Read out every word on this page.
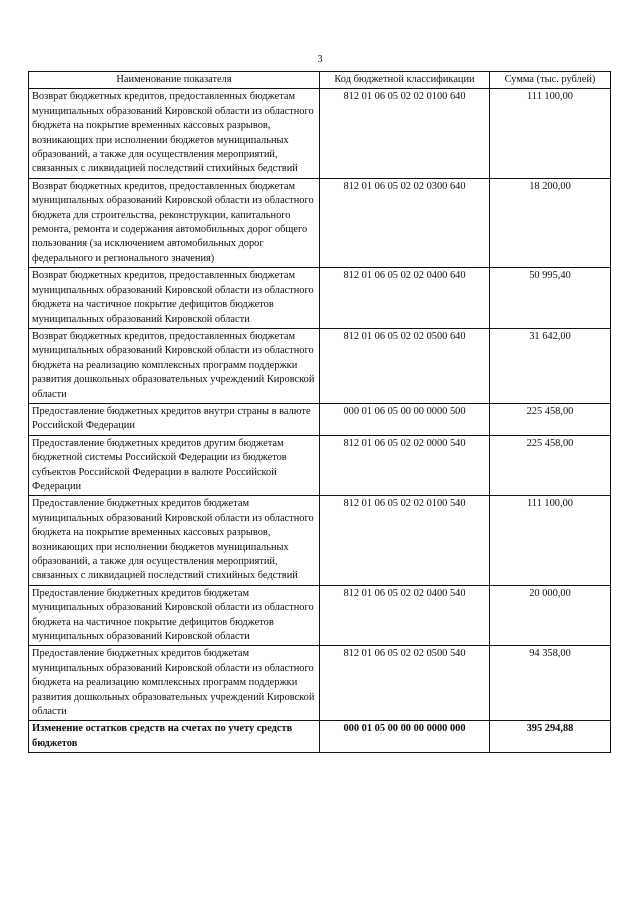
3
Наименование показателя	Код бюджетной классификации	Сумма (тыс. рублей)
Возврат бюджетных кредитов, предоставленных бюджетам муниципальных образований Кировской области из областного бюджета на покрытие временных кассовых разрывов, возникающих при исполнении бюджетов муниципальных образований, а также для осуществления мероприятий, связанных с ликвидацией последствий стихийных бедствий	812 01 06 05 02 02 0100 640	111 100,00
Возврат бюджетных кредитов, предоставленных бюджетам муниципальных образований Кировской области из областного бюджета для строительства, реконструкции, капитального ремонта, ремонта и содержания автомобильных дорог общего пользования (за исключением автомобильных дорог федерального и регионального значения)	812 01 06 05 02 02 0300 640	18 200,00
Возврат бюджетных кредитов, предоставленных бюджетам муниципальных образований Кировской области из областного бюджета на частичное покрытие дефицитов бюджетов муниципальных образований Кировской области	812 01 06 05 02 02 0400 640	50 995,40
Возврат бюджетных кредитов, предоставленных бюджетам муниципальных образований Кировской области из областного бюджета на реализацию комплексных программ поддержки развития дошкольных образовательных учреждений Кировской области	812 01 06 05 02 02 0500 640	31 642,00
Предоставление бюджетных кредитов внутри страны в валюте Российской Федерации	000 01 06 05 00 00 0000 500	225 458,00
Предоставление бюджетных кредитов другим бюджетам бюджетной системы Российской Федерации из бюджетов субъектов Российской Федерации в валюте Российской Федерации	812 01 06 05 02 02 0000 540	225 458,00
Предоставление бюджетных кредитов бюджетам муниципальных образований Кировской области из областного бюджета на покрытие временных кассовых разрывов, возникающих при исполнении бюджетов муниципальных образований, а также для осуществления мероприятий, связанных с ликвидацией последствий стихийных бедствий	812 01 06 05 02 02 0100 540	111 100,00
Предоставление бюджетных кредитов бюджетам муниципальных образований Кировской области из областного бюджета на частичное покрытие дефицитов бюджетов муниципальных образований Кировской области	812 01 06 05 02 02 0400 540	20 000,00
Предоставление бюджетных кредитов бюджетам муниципальных образований Кировской области из областного бюджета на реализацию комплексных программ поддержки развития дошкольных образовательных учреждений Кировской области	812 01 06 05 02 02 0500 540	94 358,00
Изменение остатков средств на счетах по учету средств бюджетов	000 01 05 00 00 00 0000 000	395 294,88
